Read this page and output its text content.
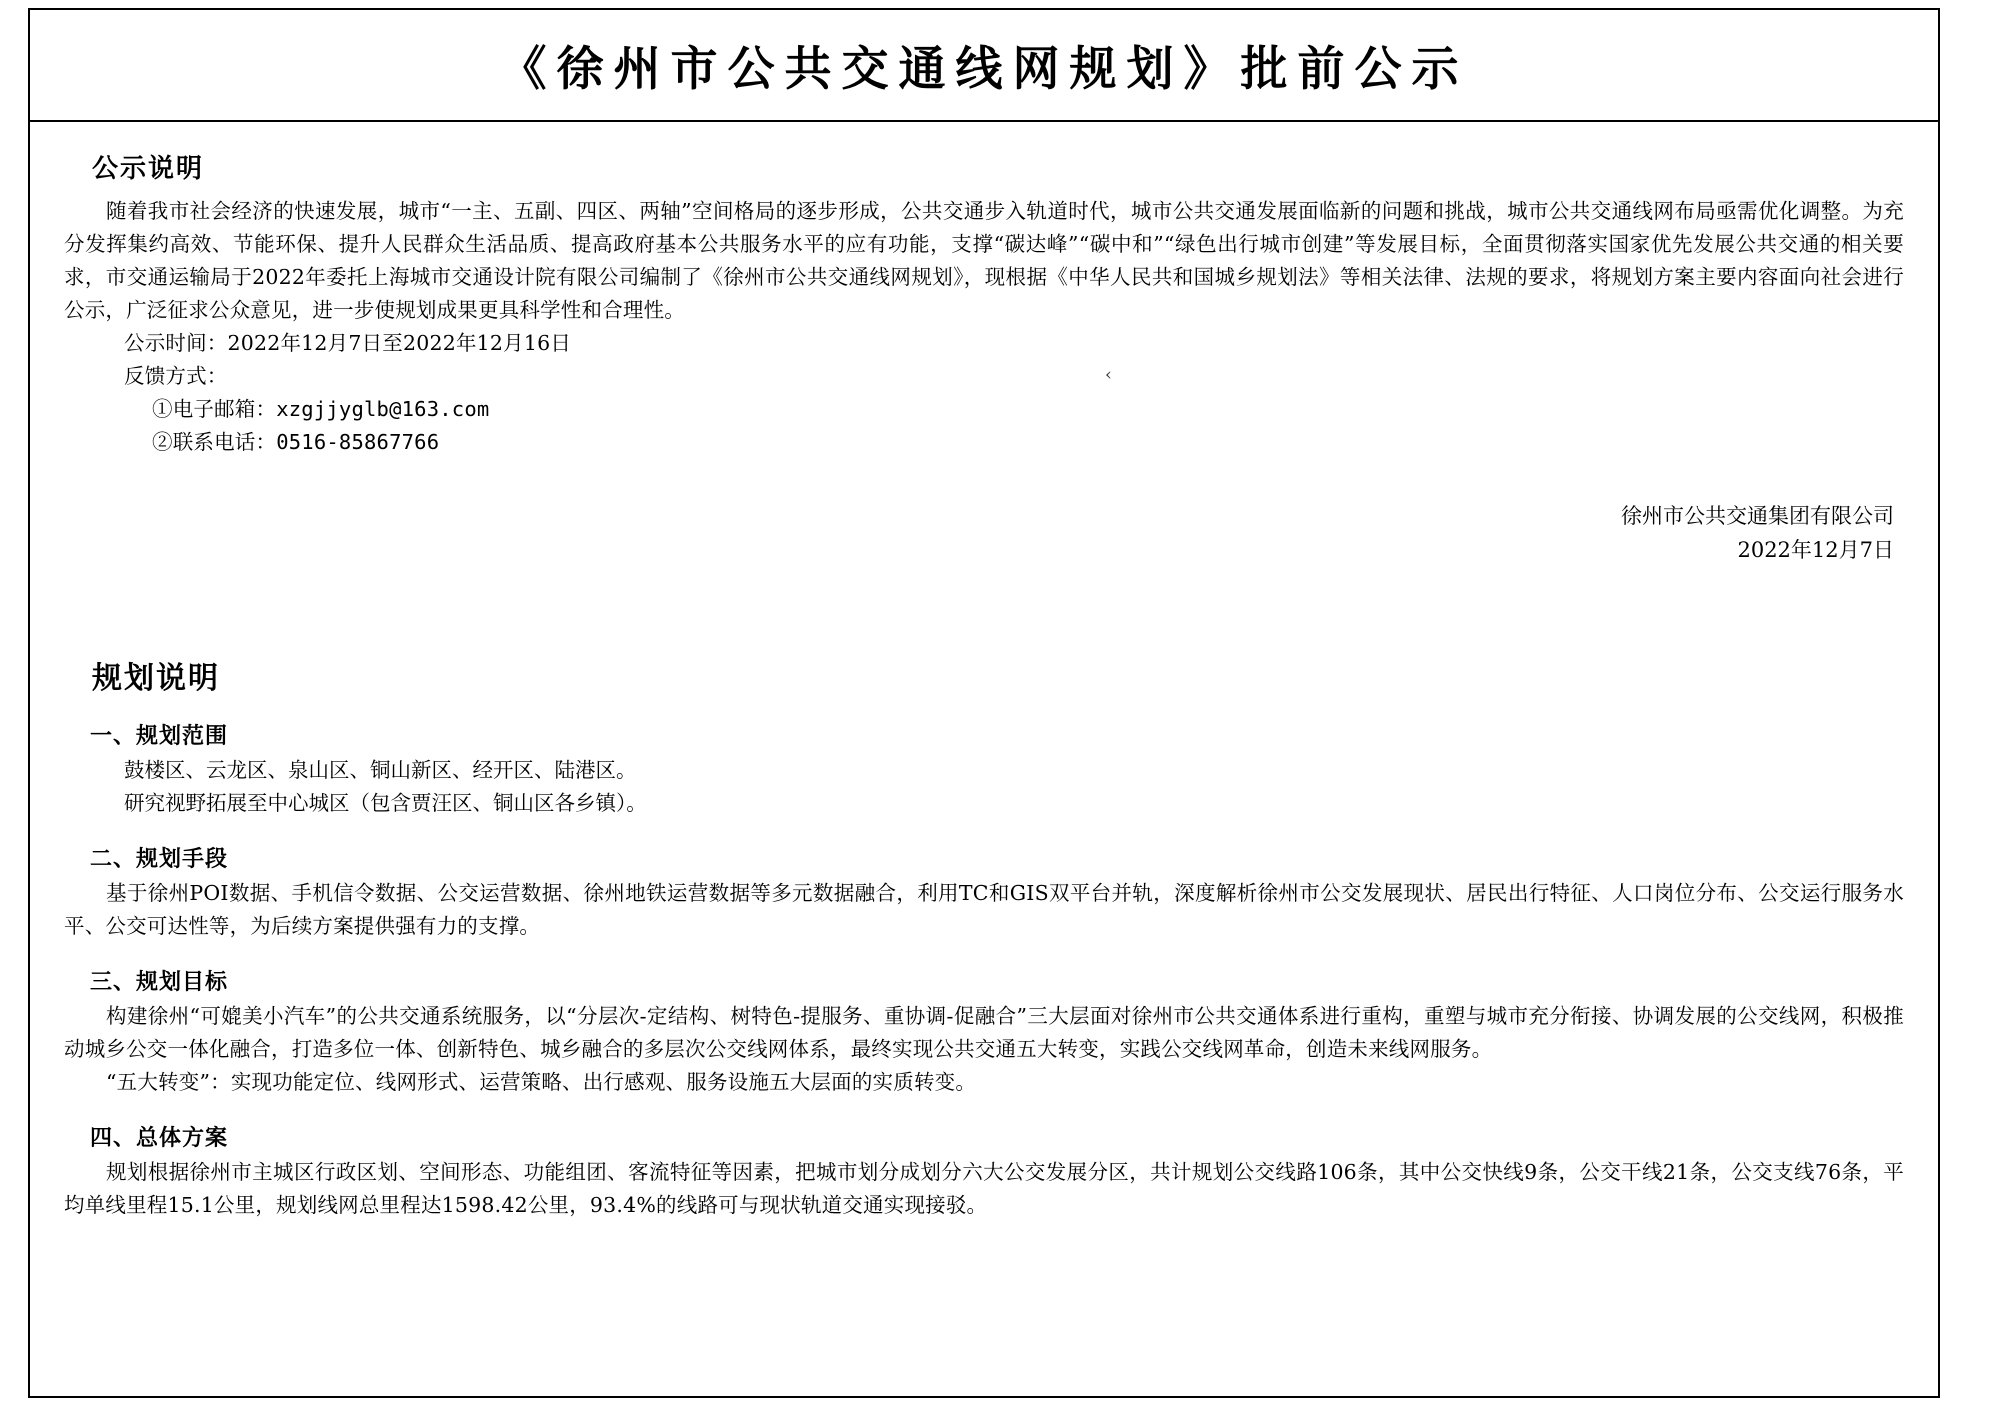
《徐州市公共交通线网规划》批前公示
公示说明

随着我市社会经济的快速发展，城市“一主、五副、四区、两轴”空间格局的逐步形成，公共交通步入轨道时代，城市公共交通发展面临新的问题和挑战，城市公共交通线网布局亟需优化调整。为充分发挥集约高效、节能环保、提升人民群众生活品质、提高政府基本公共服务水平的应有功能，支撑“碳达峰”“碳中和”“绿色出行城市创建”等发展目标，全面贯彻落实国家优先发展公共交通的相关要求，市交通运输局于2022年委托上海城市交通设计院有限公司编制了《徐州市公共交通线网规划》，现根据《中华人民共和国城乡规划法》等相关法律、法规的要求，将规划方案主要内容面向社会进行公示，广泛征求公众意见，进一步使规划成果更具科学性和合理性。

公示时间：2022年12月7日至2022年12月16日

反馈方式：

①电子邮箱：xzgjjyglb@163.com

②联系电话：0516-85867766

徐州市公共交通集团有限公司
2022年12月7日
规划说明
一、规划范围
鼓楼区、云龙区、泉山区、铜山新区、经开区、陆港区。
研究视野拓展至中心城区（包含贾汪区、铜山区各乡镇）。
二、规划手段

基于徐州POI数据、手机信令数据、公交运营数据、徐州地铁运营数据等多元数据融合，利用TC和GIS双平台并轨，深度解析徐州市公交发展现状、居民出行特征、人口岗位分布、公交运行服务水平、公交可达性等，为后续方案提供强有力的支撑。

三、规划目标

构建徐州“可媲美小汽车”的公共交通系统服务，以“分层次-定结构、树特色-提服务、重协调-促融合”三大层面对徐州市公共交通体系进行重构，重塑与城市充分衔接、协调发展的公交线网，积极推动城乡公交一体化融合，打造多位一体、创新特色、城乡融合的多层次公交线网体系，最终实现公共交通五大转变，实践公交线网革命，创造未来线网服务。

“五大转变”：实现功能定位、线网形式、运营策略、出行感观、服务设施五大层面的实质转变。

四、总体方案

规划根据徐州市主城区行政区划、空间形态、功能组团、客流特征等因素，把城市划分成划分六大公交发展分区，共计规划公交线路106条，其中公交快线9条，公交干线21条，公交支线76条，平均单线里程15.1公里，规划线网总里程达1598.42公里，93.4%的线路可与现状轨道交通实现接驳。

‹
